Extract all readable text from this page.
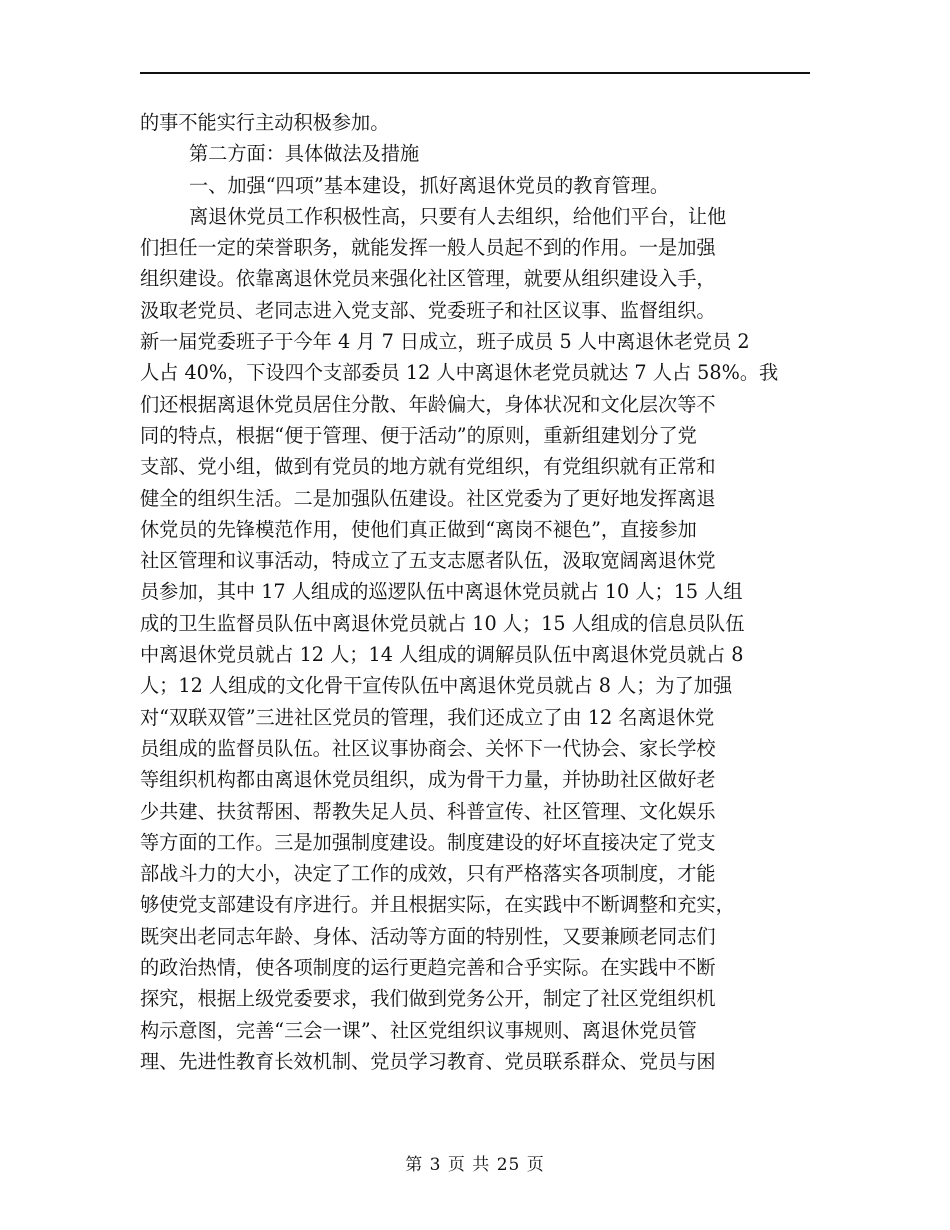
的事不能实行主动积极参加。
第二方面：具体做法及措施
一、加强“四项”基本建设，抓好离退休党员的教育管理。
离退休党员工作积极性高，只要有人去组织，给他们平台，让他
们担任一定的荣誉职务，就能发挥一般人员起不到的作用。一是加强
组织建设。依靠离退休党员来强化社区管理，就要从组织建设入手，
汲取老党员、老同志进入党支部、党委班子和社区议事、监督组织。
新一届党委班子于今年 4 月 7 日成立，班子成员 5 人中离退休老党员 2
人占 40%，下设四个支部委员 12 人中离退休老党员就达 7 人占 58%。我
们还根据离退休党员居住分散、年龄偏大，身体状况和文化层次等不
同的特点，根据“便于管理、便于活动”的原则，重新组建划分了党
支部、党小组，做到有党员的地方就有党组织，有党组织就有正常和
健全的组织生活。二是加强队伍建设。社区党委为了更好地发挥离退
休党员的先锋模范作用，使他们真正做到“离岗不褪色”，直接参加
社区管理和议事活动，特成立了五支志愿者队伍，汲取宽阔离退休党
员参加，其中 17 人组成的巡逻队伍中离退休党员就占 10 人；15 人组
成的卫生监督员队伍中离退休党员就占 10 人；15 人组成的信息员队伍
中离退休党员就占 12 人；14 人组成的调解员队伍中离退休党员就占 8
人；12 人组成的文化骨干宣传队伍中离退休党员就占 8 人；为了加强
对“双联双管”三进社区党员的管理，我们还成立了由 12 名离退休党
员组成的监督员队伍。社区议事协商会、关怀下一代协会、家长学校
等组织机构都由离退休党员组织，成为骨干力量，并协助社区做好老
少共建、扶贫帮困、帮教失足人员、科普宣传、社区管理、文化娱乐
等方面的工作。三是加强制度建设。制度建设的好坏直接决定了党支
部战斗力的大小，决定了工作的成效，只有严格落实各项制度，才能
够使党支部建设有序进行。并且根据实际，在实践中不断调整和充实，
既突出老同志年龄、身体、活动等方面的特别性，又要兼顾老同志们
的政治热情，使各项制度的运行更趋完善和合乎实际。在实践中不断
探究，根据上级党委要求，我们做到党务公开，制定了社区党组织机
构示意图，完善“三会一课”、社区党组织议事规则、离退休党员管
理、先进性教育长效机制、党员学习教育、党员联系群众、党员与困
第 3 页 共 25 页
